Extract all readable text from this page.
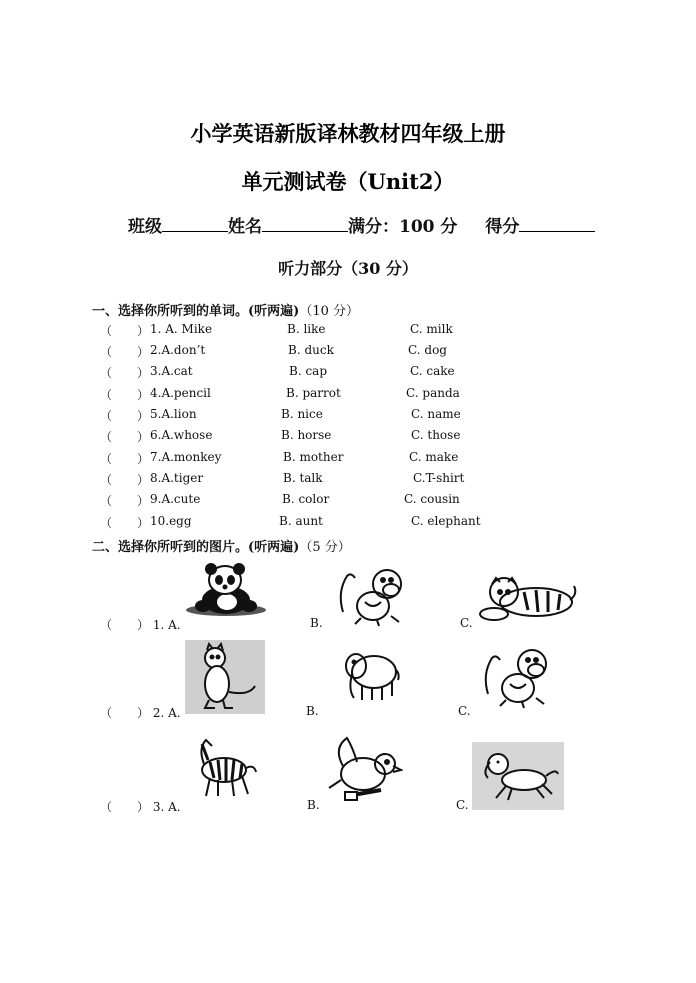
小学英语新版译林教材四年级上册
单元测试卷（Unit2）
班级	姓名	满分：100 分 得分
听力部分（30 分）
一、选择你所听到的单词。(听两遍)（10 分）
（ ） 1. A. Mike	B. like	C. milk
（ ） 2.A.don’t	B. duck	C. dog
（ ） 3.A.cat	B. cap	C. cake
（ ） 4.A.pencil	B. parrot	C. panda
（ ） 5.A.lion	B. nice	C. name
（ ） 6.A.whose	B. horse	C. those
（ ） 7.A.monkey	B. mother	C. make
（ ） 8.A.tiger	B. talk	C.T-shirt
（ ） 9.A.cute	B. color	C. cousin
（ ） 10.egg	B. aunt	C. elephant
二、选择你所听到的图片。(听两遍)（5 分）
（ ） 1. A.	B.	C.
（ ） 2. A.	B.	C.
（ ） 3. A.	B.	C.
